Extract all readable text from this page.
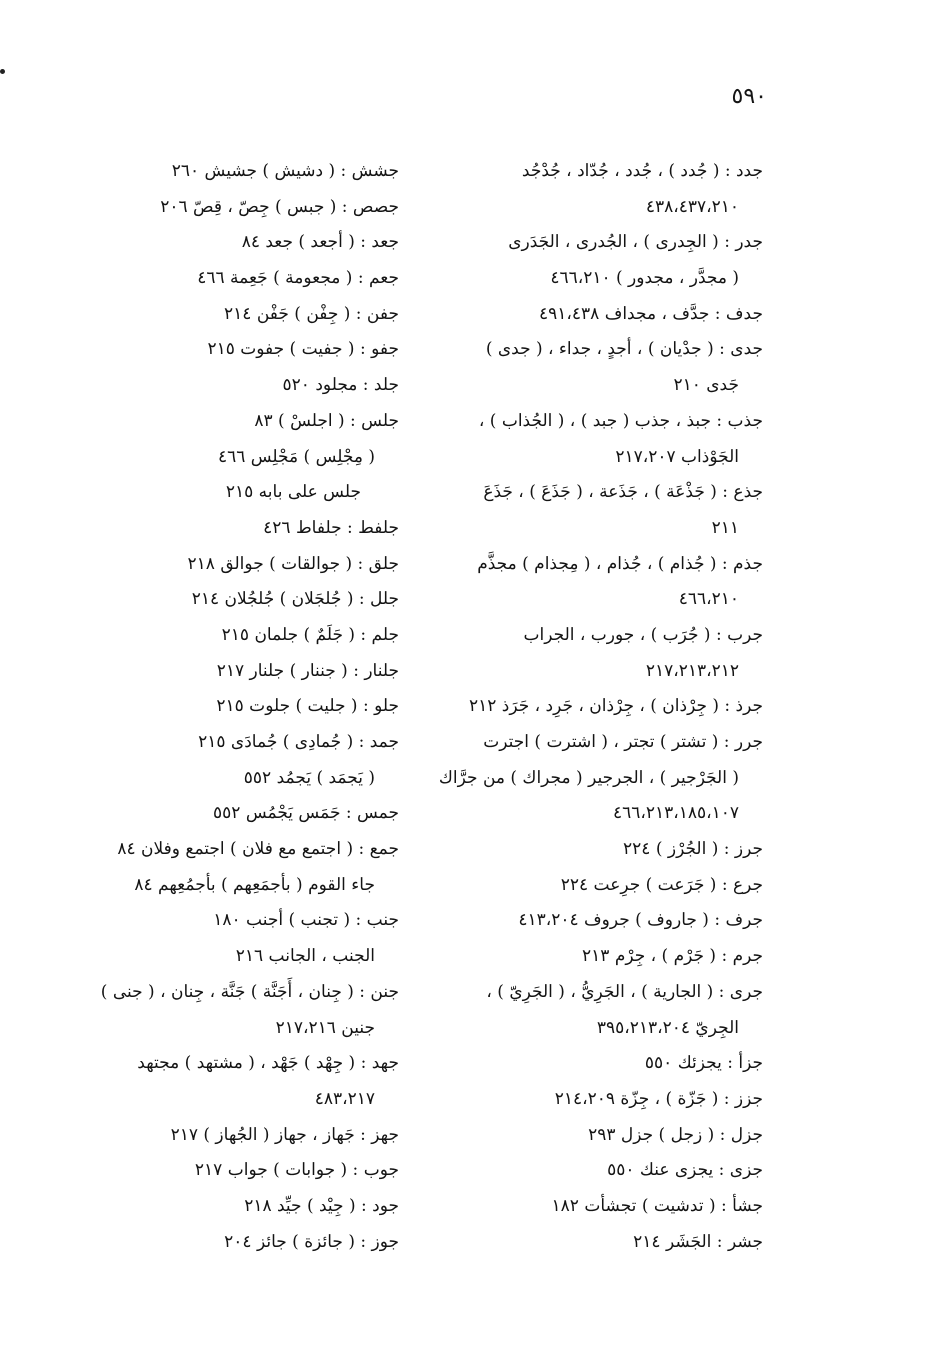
٥٩٠
جدد : ( جُدد ) ، جُدد ، جُدّاد ، جُدْجُد
٤٣٨،٤٣٧،٢١٠
جدر : ( الجِدرى ) ، الجُدرى ، الجَدَرى
( مجدَّر ، مجدور ) ٤٦٦،٢١٠
جدف : جدَّف ، مجداف ٤٩١،٤٣٨
جدى : ( جدْيان ) ، أجدٍ ، جداء ، ( جدى )
جَدى ٢١٠
جذب : جبذ ، جذب ( جبد ) ، ( الجُذاب ) ،
الجَوْذاب ٢١٧،٢٠٧
جذع : ( جَذْعَة ) ، جَذَعة ، ( جَذَعَ ) ، جَذَعَ
٢١١
جذم : ( جُذام ) ، جُذام ، ( مِجذام ) مجذَّم
٤٦٦،٢١٠
جرب : ( جُرَب ) ، جورب ، الجراب
٢١٧،٢١٣،٢١٢
جرذ : ( جِرْذان ) ، جِرْذان ، جَرِد ، جَرَذ ٢١٢
جرر : ( تشتر ) تجتر ، ( اشترت ) اجترت
( الجَرْجير ) ، الجرجير ( مجراك ) من جرَّاك
٤٦٦،٢١٣،١٨٥،١٠٧
جرز : ( الجُرْز ) ٢٢٤
جرع : ( جَرَعت ) جرِعت ٢٢٤
جرف : ( جاروف ) جروف ٤١٣،٢٠٤
جرم : ( جَرْم ) ، جِرْم ٢١٣
جرى : ( الجارية ) ، الجَرِيُّ ، ( الجَرِيّ ) ،
الجِريّ ٣٩٥،٢١٣،٢٠٤
جزأ : يجزئك ٥٥٠
جزز : ( جَزّة ) ، جِزّة ٢١٤،٢٠٩
جزل : ( زجل ) جزل ٢٩٣
جزى : يجزى عنك ٥٥٠
جشأ : ( تدشيت ) تجشأت ١٨٢
جشر : الجَشَر ٢١٤
جشش : ( دشيش ) جشيش ٢٦٠
جصص : ( جبس ) جِصّ ، قِصّ ٢٠٦
جعد : ( أجعد ) جعد ٨٤
جعم : ( مجعومة ) جَعِمة ٤٦٦
جفن : ( جِفْن ) جَفْن ٢١٤
جفو : ( جفيت ) جفوت ٢١٥
جلد : مجلود ٥٢٠
جلس : ( اجلسْ ) ٨٣
( مِجْلِس ) مَجْلِس ٤٦٦
جلس على بابه ٢١٥
جلفط : جلفاط ٤٢٦
جلق : ( جوالقات ) جوالق ٢١٨
جلل : ( جُلجَلان ) جُلجُلان ٢١٤
جلم : ( جَلَمٌ ) جلمان ٢١٥
جلنار : ( جننار ) جلنار ٢١٧
جلو : ( جليت ) جلوت ٢١٥
جمد : ( جُمادِى ) جُمادَى ٢١٥
( يَجمَد ) يَجمُد ٥٥٢
جمس : جَمَس يَجْمُس ٥٥٢
جمع : ( اجتمع مع فلان ) اجتمع وفلان ٨٤
جاء القوم ( بأجمَعِهم ) بأجمُعِهم ٨٤
جنب : ( تجنب ) أجنب ١٨٠
الجنب ، الجانب ٢١٦
جنن : ( جِنان ، أَجَنَّة ) جَنَّة ، جِنان ، ( جنى )
جنين ٢١٧،٢١٦
جهد : ( جِهْد ) جَهْد ، ( مشتهد ) مجتهد
٤٨٣،٢١٧
جهز : جَهاز ، جهاز ( الجُهاز ) ٢١٧
جوب : ( جوابات ) جواب ٢١٧
جود : ( جِيْد ) جيِّد ٢١٨
جوز : ( جائزة ) جائز ٢٠٤
